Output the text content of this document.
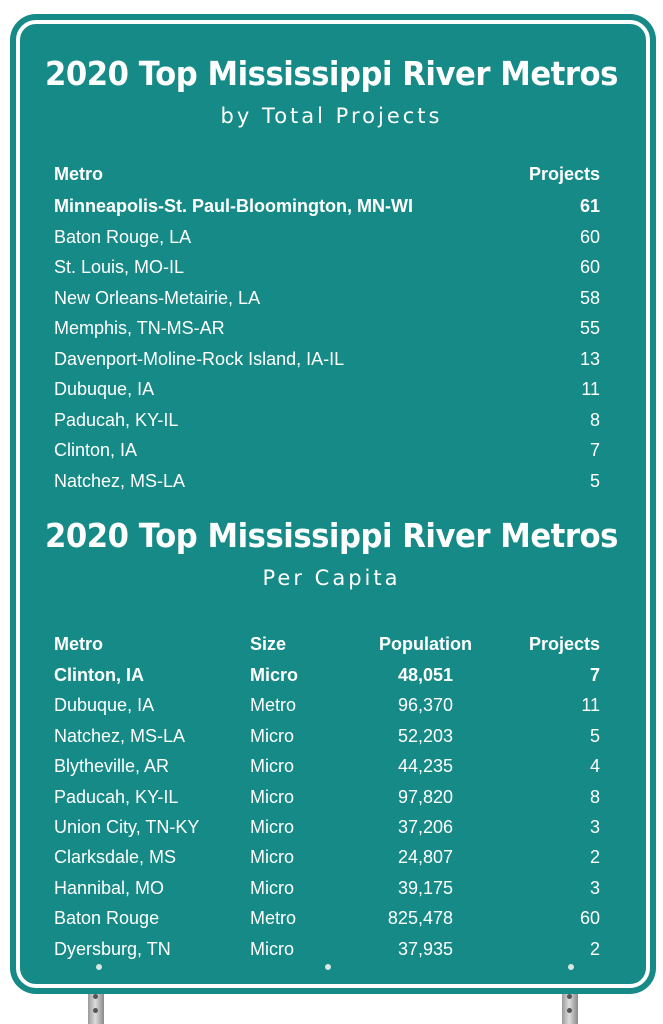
2020 Top Mississippi River Metros
by Total Projects
Metro	Projects
Minneapolis-St. Paul-Bloomington, MN-WI	61
Baton Rouge, LA	60
St. Louis, MO-IL	60
New Orleans-Metairie, LA	58
Memphis, TN-MS-AR	55
Davenport-Moline-Rock Island, IA-IL	13
Dubuque, IA	11
Paducah, KY-IL	8
Clinton, IA	7
Natchez, MS-LA	5
2020 Top Mississippi River Metros
Per Capita
Metro	Size	Population	Projects
Clinton, IA	Micro	48,051	7
Dubuque, IA	Metro	96,370	11
Natchez, MS-LA	Micro	52,203	5
Blytheville, AR	Micro	44,235	4
Paducah, KY-IL	Micro	97,820	8
Union City, TN-KY	Micro	37,206	3
Clarksdale, MS	Micro	24,807	2
Hannibal, MO	Micro	39,175	3
Baton Rouge	Metro	825,478	60
Dyersburg, TN	Micro	37,935	2
